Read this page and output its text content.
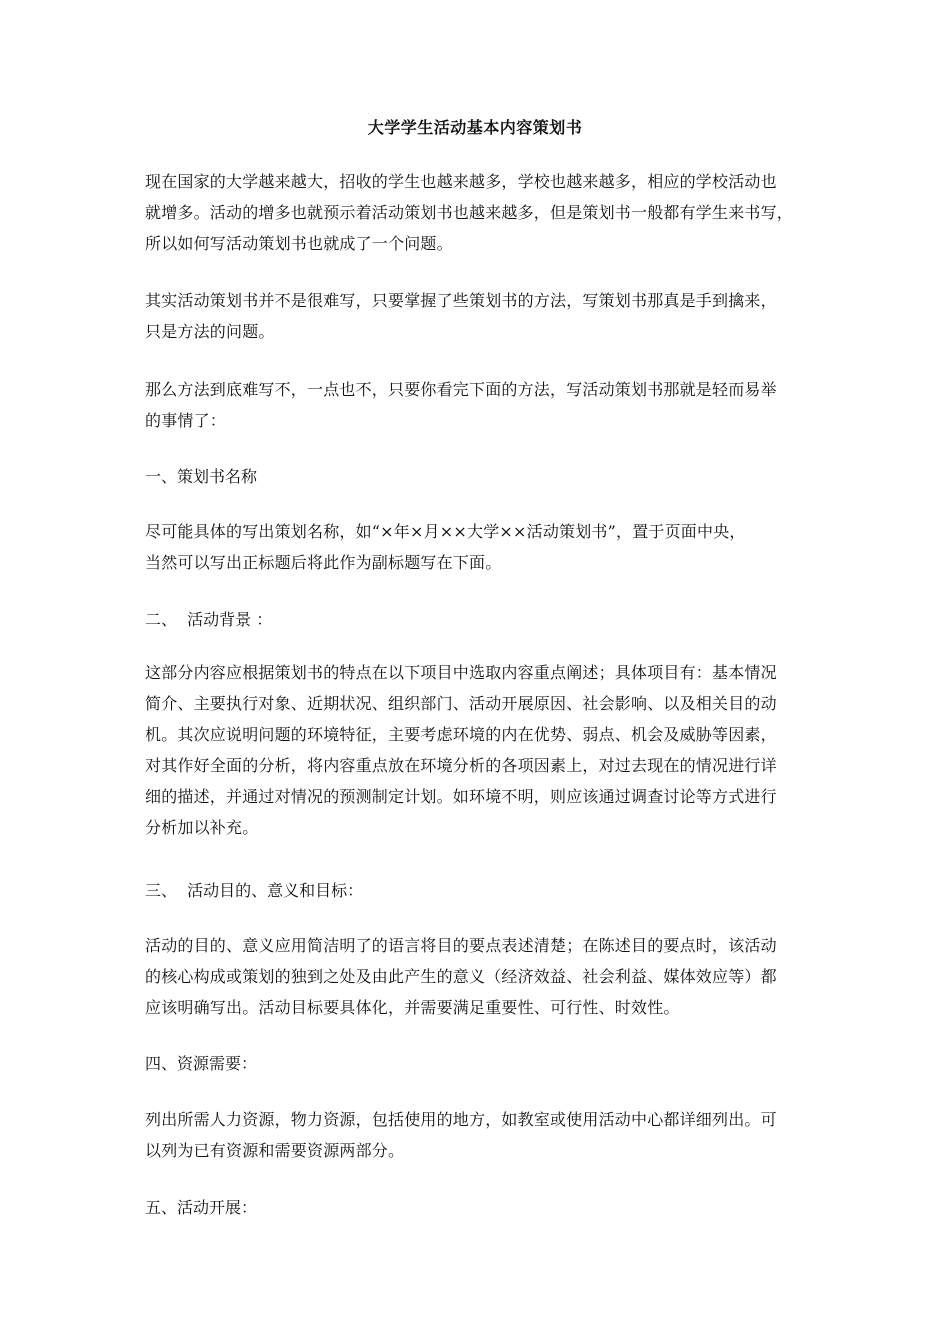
大学学生活动基本内容策划书
现在国家的大学越来越大，招收的学生也越来越多，学校也越来越多，相应的学校活动也
就增多。活动的增多也就预示着活动策划书也越来越多，但是策划书一般都有学生来书写，
所以如何写活动策划书也就成了一个问题。
其实活动策划书并不是很难写，只要掌握了些策划书的方法，写策划书那真是手到擒来，
只是方法的问题。
那么方法到底难写不，一点也不，只要你看完下面的方法，写活动策划书那就是轻而易举
的事情了：
一、策划书名称
尽可能具体的写出策划名称，如“×年×月××大学××活动策划书”，置于页面中央，
当然可以写出正标题后将此作为副标题写在下面。
二、  活动背景 ：
这部分内容应根据策划书的特点在以下项目中选取内容重点阐述；具体项目有：基本情况
简介、主要执行对象、近期状况、组织部门、活动开展原因、社会影响、以及相关目的动
机。其次应说明问题的环境特征，主要考虑环境的内在优势、弱点、机会及威胁等因素，
对其作好全面的分析，将内容重点放在环境分析的各项因素上，对过去现在的情况进行详
细的描述，并通过对情况的预测制定计划。如环境不明，则应该通过调查讨论等方式进行
分析加以补充。
三、  活动目的、意义和目标：
活动的目的、意义应用简洁明了的语言将目的要点表述清楚；在陈述目的要点时，该活动
的核心构成或策划的独到之处及由此产生的意义（经济效益、社会利益、媒体效应等）都
应该明确写出。活动目标要具体化，并需要满足重要性、可行性、时效性。
四、资源需要：
列出所需人力资源，物力资源，包括使用的地方，如教室或使用活动中心都详细列出。可
以列为已有资源和需要资源两部分。
五、活动开展：
